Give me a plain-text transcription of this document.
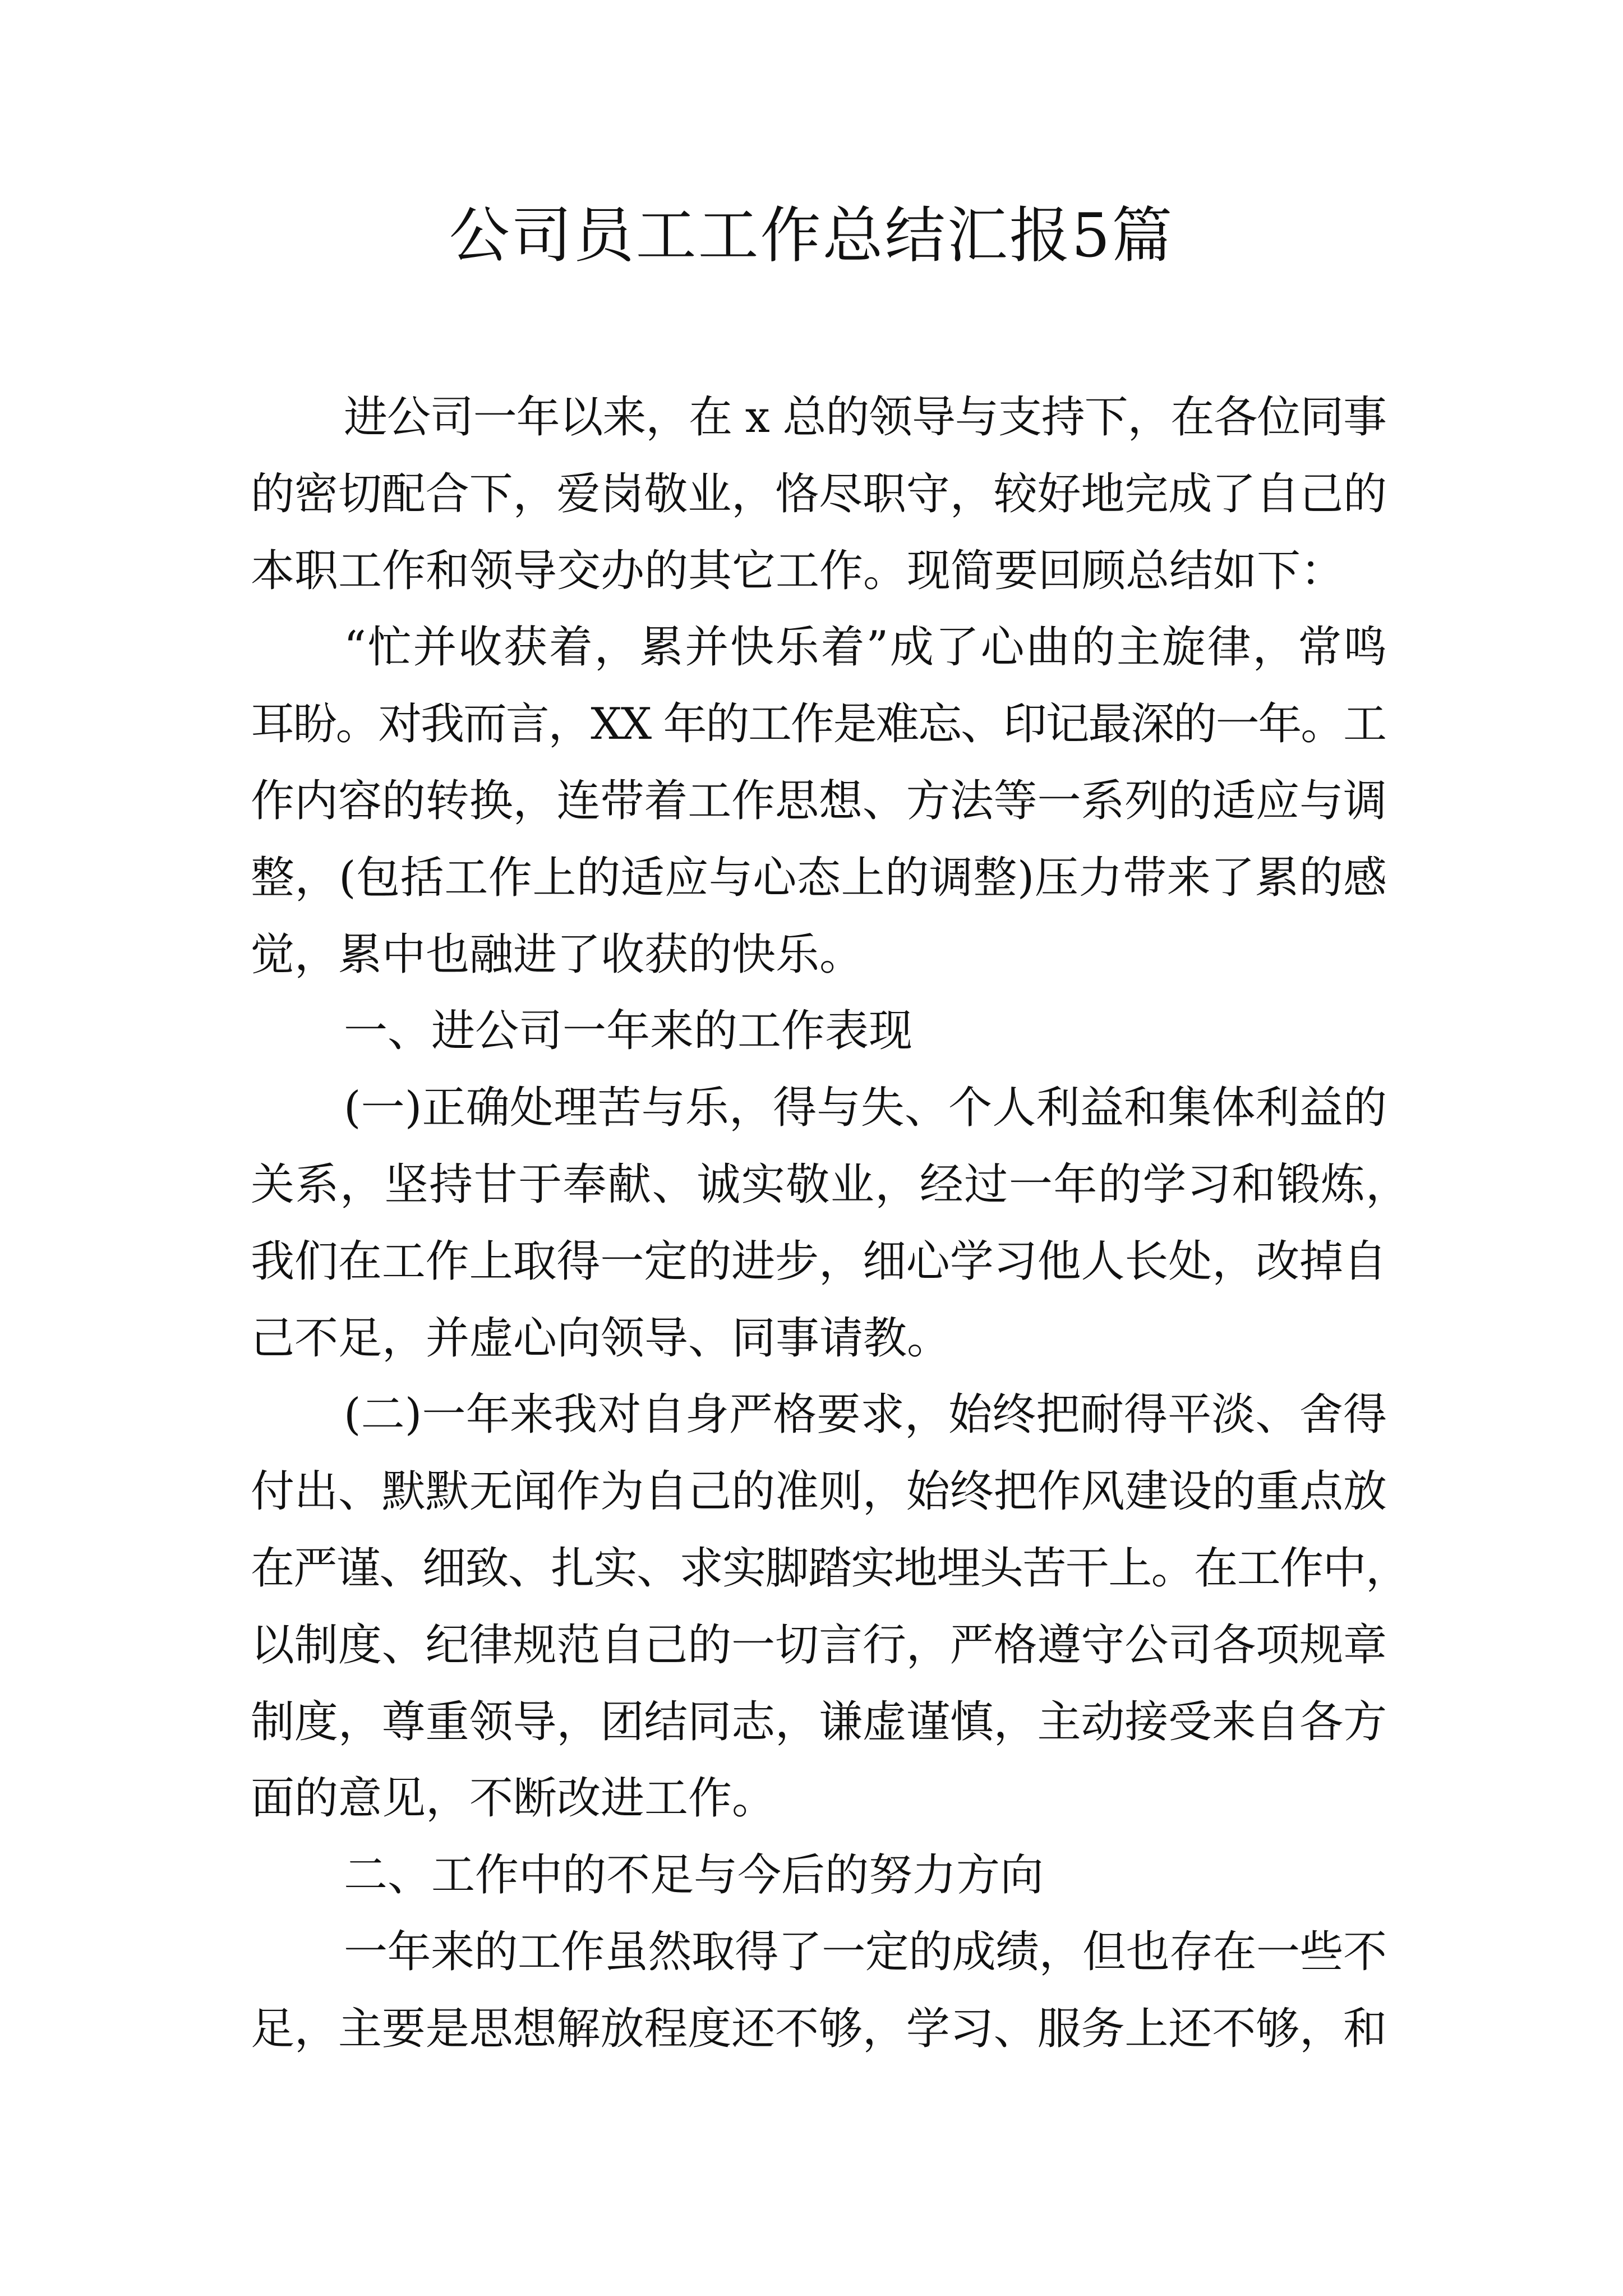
公司员工工作总结汇报5篇
进公司一年以来，在 x 总的领导与支持下，在各位同事
的密切配合下，爱岗敬业，恪尽职守，较好地完成了自己的
本职工作和领导交办的其它工作。现简要回顾总结如下：
“忙并收获着，累并快乐着”成了心曲的主旋律，常鸣
耳盼。对我而言，XX 年的工作是难忘、印记最深的一年。工
作内容的转换，连带着工作思想、方法等一系列的适应与调
整，(包括工作上的适应与心态上的调整)压力带来了累的感
觉，累中也融进了收获的快乐。
一、进公司一年来的工作表现
(一)正确处理苦与乐，得与失、个人利益和集体利益的
关系，坚持甘于奉献、诚实敬业，经过一年的学习和锻炼，
我们在工作上取得一定的进步，细心学习他人长处，改掉自
己不足，并虚心向领导、同事请教。
(二)一年来我对自身严格要求，始终把耐得平淡、舍得
付出、默默无闻作为自己的准则，始终把作风建设的重点放
在严谨、细致、扎实、求实脚踏实地埋头苦干上。在工作中，
以制度、纪律规范自己的一切言行，严格遵守公司各项规章
制度，尊重领导，团结同志，谦虚谨慎，主动接受来自各方
面的意见，不断改进工作。
二、工作中的不足与今后的努力方向
一年来的工作虽然取得了一定的成绩，但也存在一些不
足，主要是思想解放程度还不够，学习、服务上还不够，和
